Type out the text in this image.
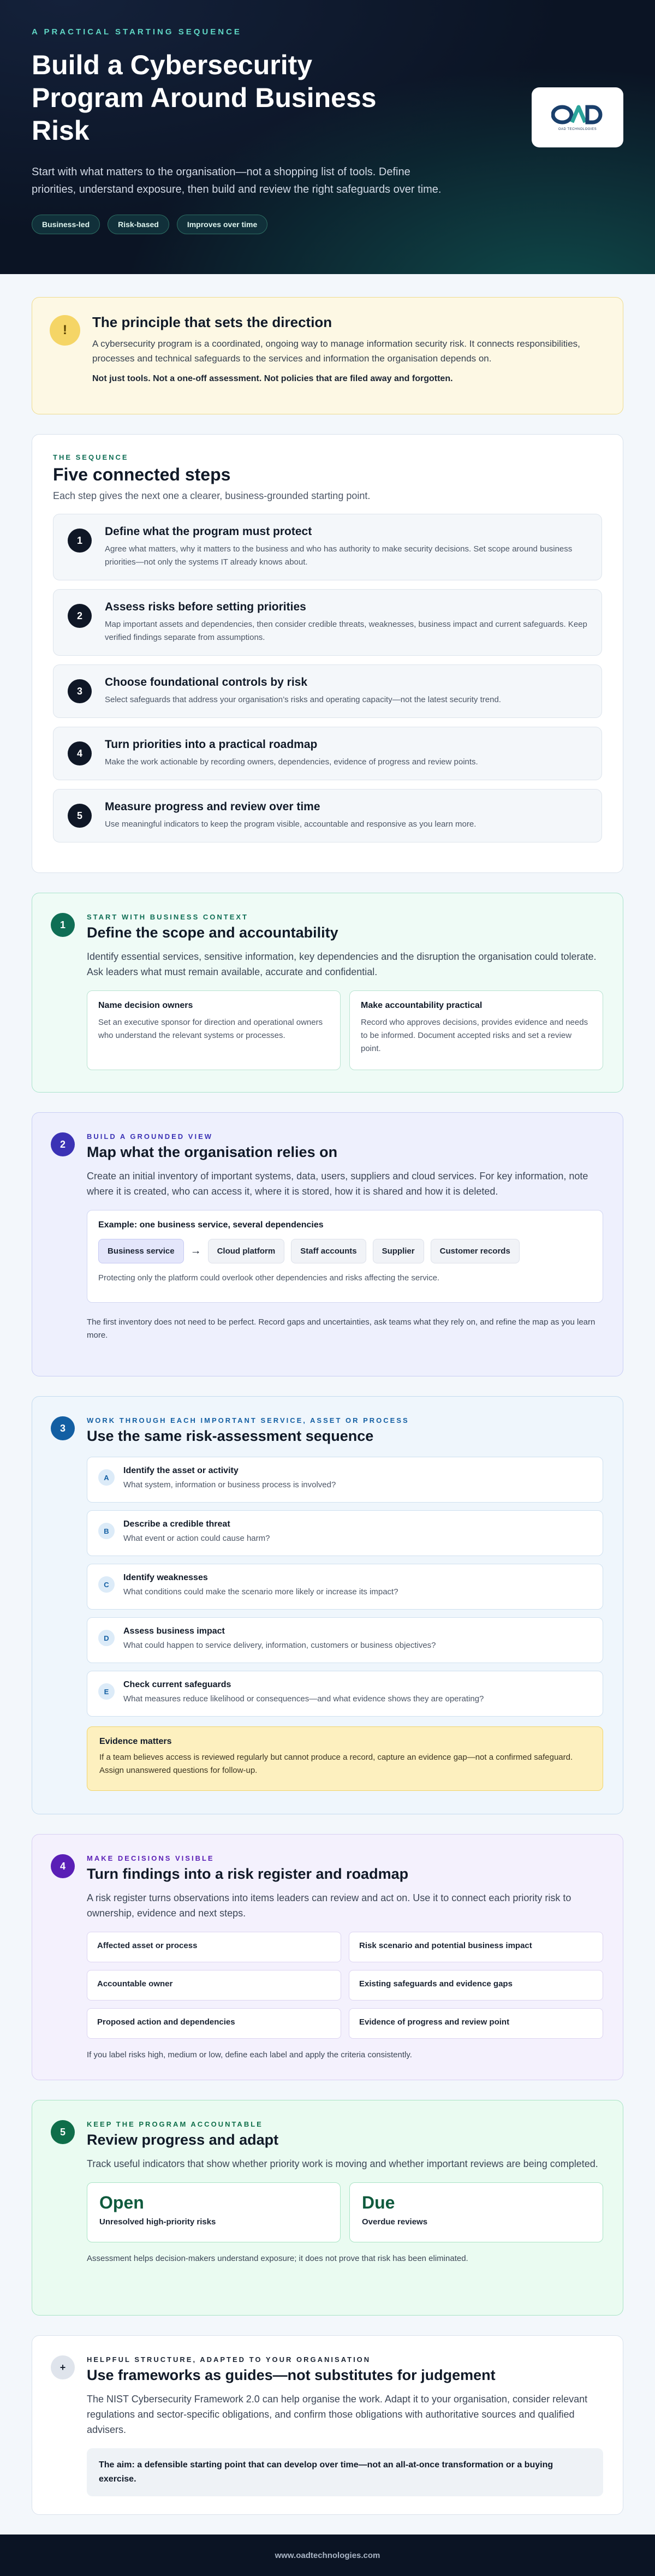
A PRACTICAL STARTING SEQUENCE
Build a Cybersecurity Program Around Business Risk

Start with what matters to the organisation—not a shopping list of tools. Define priorities, understand exposure, then build and review the right safeguards over time.

Business-led	Risk-based	Improves over time
OAD TECHNOLOGIES
!	The principle that sets the direction

A cybersecurity program is a coordinated, ongoing way to manage information security risk. It connects responsibilities, processes and technical safeguards to the services and information the organisation depends on.

Not just tools. Not a one-off assessment. Not policies that are filed away and forgotten.

THE SEQUENCE
Five connected steps

Each step gives the next one a clearer, business-grounded starting point.

1
Define what the program must protect

Agree what matters, why it matters to the business and who has authority to make security decisions. Set scope around business priorities—not only the systems IT already knows about.

2
Assess risks before setting priorities

Map important assets and dependencies, then consider credible threats, weaknesses, business impact and current safeguards. Keep verified findings separate from assumptions.

3
Choose foundational controls by risk

Select safeguards that address your organisation’s risks and operating capacity—not the latest security trend.

4
Turn priorities into a practical roadmap

Make the work actionable by recording owners, dependencies, evidence of progress and review points.

5
Measure progress and review over time

Use meaningful indicators to keep the program visible, accountable and responsive as you learn more.

1
START WITH BUSINESS CONTEXT
Define the scope and accountability

Identify essential services, sensitive information, key dependencies and the disruption the organisation could tolerate. Ask leaders what must remain available, accurate and confidential.

Name decision owners

Set an executive sponsor for direction and operational owners who understand the relevant systems or processes.

Make accountability practical

Record who approves decisions, provides evidence and needs to be informed. Document accepted risks and set a review point.

2
BUILD A GROUNDED VIEW
Map what the organisation relies on

Create an initial inventory of important systems, data, users, suppliers and cloud services. For key information, note where it is created, who can access it, where it is stored, how it is shared and how it is deleted.

Example: one business service, several dependencies
Business service	→	Cloud platform	Staff accounts	Supplier	Customer records

Protecting only the platform could overlook other dependencies and risks affecting the service.

The first inventory does not need to be perfect. Record gaps and uncertainties, ask teams what they rely on, and refine the map as you learn more.

3
WORK THROUGH EACH IMPORTANT SERVICE, ASSET OR PROCESS
Use the same risk-assessment sequence
A
Identify the asset or activity

What system, information or business process is involved?

B
Describe a credible threat

What event or action could cause harm?

C
Identify weaknesses

What conditions could make the scenario more likely or increase its impact?

D
Assess business impact

What could happen to service delivery, information, customers or business objectives?

E
Check current safeguards

What measures reduce likelihood or consequences—and what evidence shows they are operating?

Evidence matters

If a team believes access is reviewed regularly but cannot produce a record, capture an evidence gap—not a confirmed safeguard. Assign unanswered questions for follow-up.

4
MAKE DECISIONS VISIBLE
Turn findings into a risk register and roadmap

A risk register turns observations into items leaders can review and act on. Use it to connect each priority risk to ownership, evidence and next steps.

Affected asset or process	Risk scenario and potential business impact
Accountable owner	Existing safeguards and evidence gaps
Proposed action and dependencies	Evidence of progress and review point

If you label risks high, medium or low, define each label and apply the criteria consistently.

5
KEEP THE PROGRAM ACCOUNTABLE
Review progress and adapt

Track useful indicators that show whether priority work is moving and whether important reviews are being completed.

Open
Unresolved high-priority risks
Due
Overdue reviews

Assessment helps decision-makers understand exposure; it does not prove that risk has been eliminated.

+
HELPFUL STRUCTURE, ADAPTED TO YOUR ORGANISATION
Use frameworks as guides—not substitutes for judgement

The NIST Cybersecurity Framework 2.0 can help organise the work. Adapt it to your organisation, consider relevant regulations and sector-specific obligations, and confirm those obligations with authoritative sources and qualified advisers.

The aim: a defensible starting point that can develop over time—not an all-at-once transformation or a buying exercise.
www.oadtechnologies.com
